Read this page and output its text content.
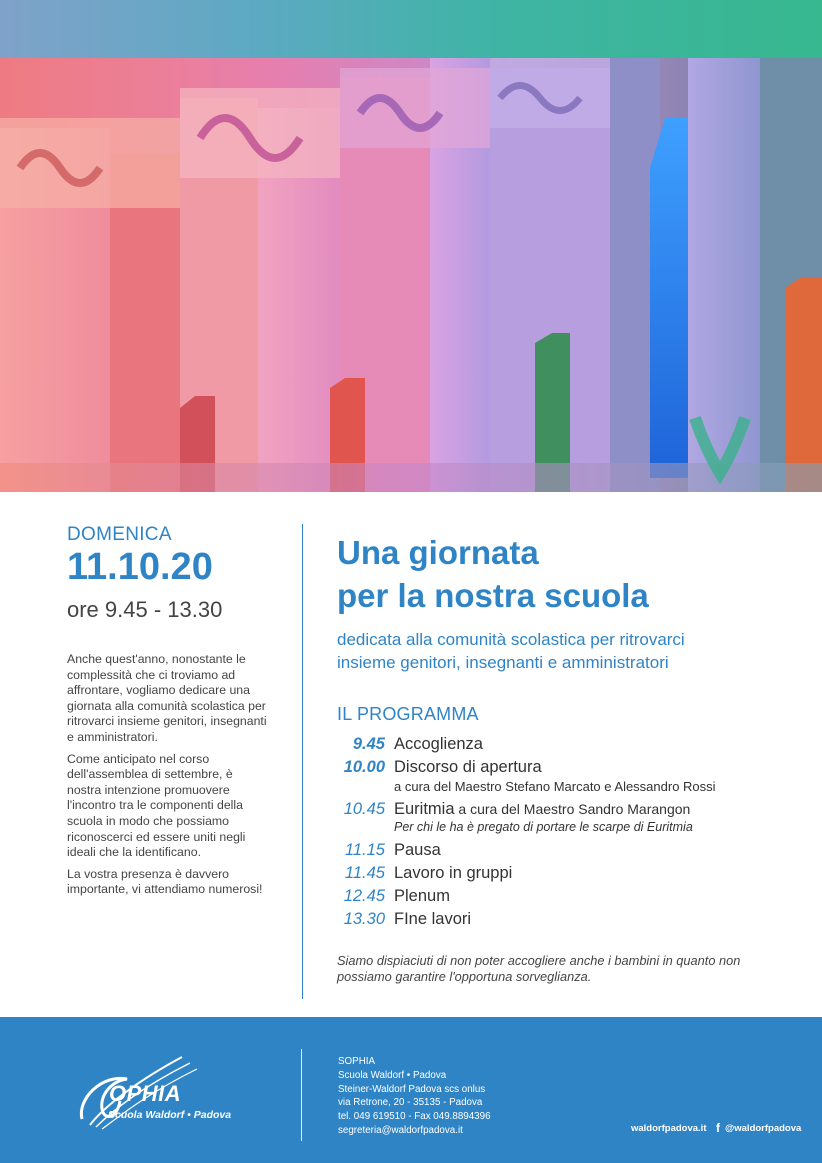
DOMENICA
11.10.20
ore 9.45 - 13.30

Anche quest'anno, nonostante le complessità che ci troviamo ad affrontare, vogliamo dedicare una giornata alla comunità scolastica per ritrovarci insieme genitori, insegnanti e amministratori.

Come anticipato nel corso dell'assemblea di settembre, è nostra intenzione promuovere l'incontro tra le componenti della scuola in modo che possiamo riconoscerci ed essere uniti negli ideali che la identificano.

La vostra presenza è davvero importante, vi attendiamo numerosi!

Una giornata
per la nostra scuola
dedicata alla comunità scolastica per ritrovarci
insieme genitori, insegnanti e amministratori
IL PROGRAMMA
9.45 Accoglienza
10.00 Discorso di apertura
a cura del Maestro Stefano Marcato e Alessandro Rossi
10.45 Euritmia a cura del Maestro Sandro Marangon
Per chi le ha è pregato di portare le scarpe di Euritmia
11.15 Pausa
11.45 Lavoro in gruppi
12.45 Plenum
13.30 FIne lavori
Siamo dispiaciuti di non poter accogliere anche i bambini in quanto non possiamo garantire l'opportuna sorveglianza.
OPHIA
Scuola Waldorf • Padova
SOPHIA
Scuola Waldorf • Padova
Steiner-Waldorf Padova scs onlus
via Retrone, 20 - 35135 - Padova
tel. 049 619510 - Fax 049.8894396
segreteria@waldorfpadova.it	waldorfpadova.it f @waldorfpadova
